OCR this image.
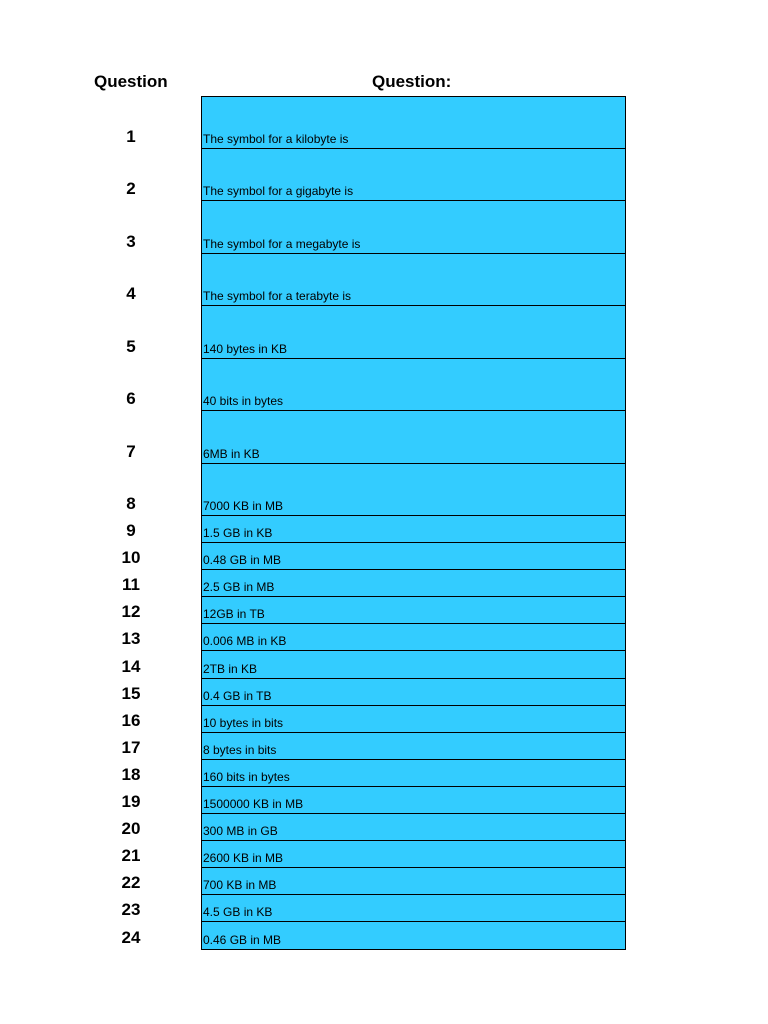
Question	Question:
1	The symbol for a kilobyte is
2	The symbol for a gigabyte is
3	The symbol for a megabyte is
4	The symbol for a terabyte is
5	140 bytes in KB
6	40 bits in bytes
7	6MB in KB
8	7000 KB in MB
9	1.5 GB in KB
10	0.48 GB in MB
11	2.5 GB in MB
12	12GB in TB
13	0.006 MB in KB
14	2TB in KB
15	0.4 GB in TB
16	10 bytes in bits
17	8 bytes in bits
18	160 bits in bytes
19	1500000 KB in MB
20	300 MB in GB
21	2600 KB in MB
22	700 KB in MB
23	4.5 GB in KB
24	0.46 GB in MB
